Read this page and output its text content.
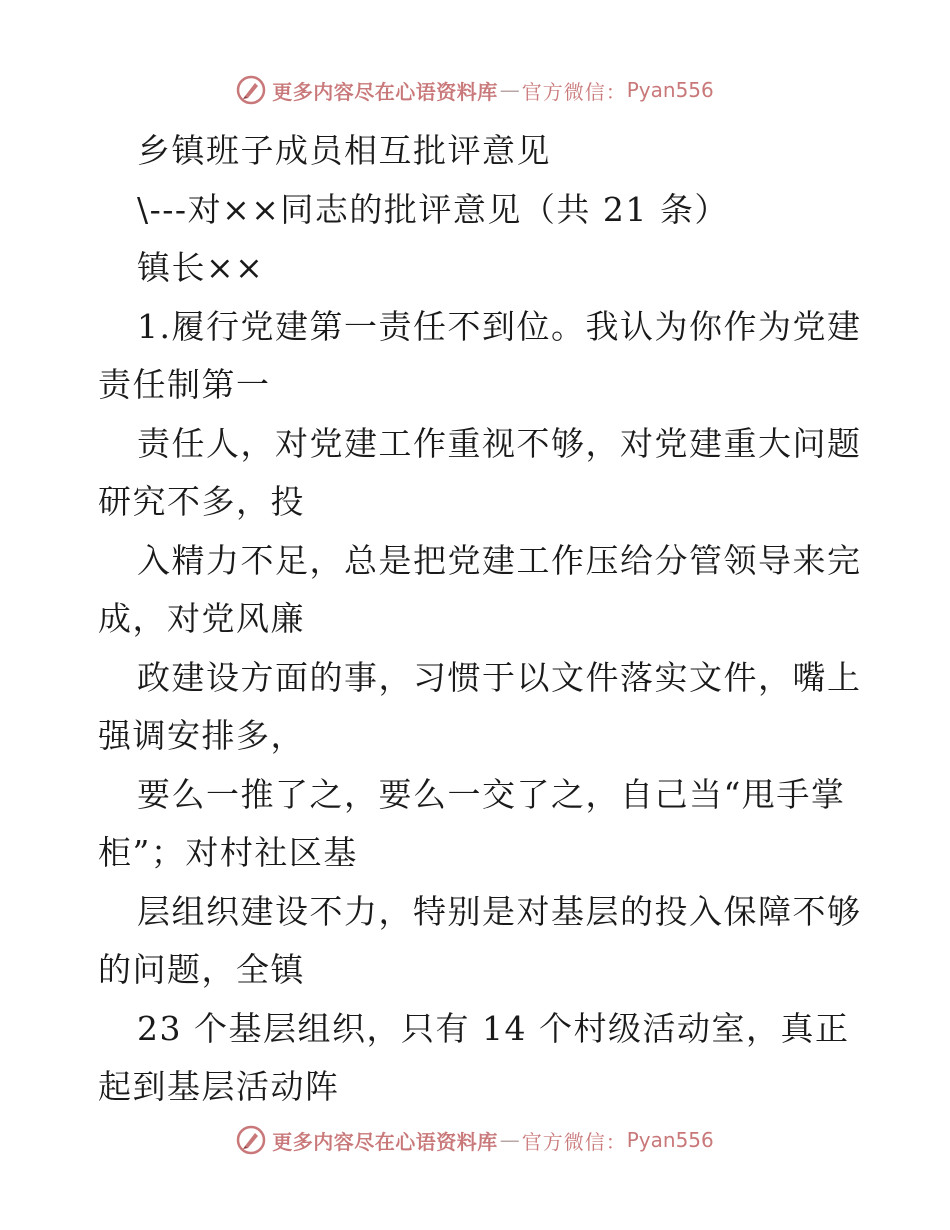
更多内容尽在心语资料库 — 官方微信： Pyan556
乡镇班子成员相互批评意见
\---对××同志的批评意见（共 21 条）
镇长××
1.履行党建第一责任不到位。我认为你作为党建
责任制第一
责任人，对党建工作重视不够，对党建重大问题
研究不多，投
入精力不足，总是把党建工作压给分管领导来完
成，对党风廉
政建设方面的事，习惯于以文件落实文件，嘴上
强调安排多，
要么一推了之，要么一交了之，自己当“甩手掌
柜”；对村社区基
层组织建设不力，特别是对基层的投入保障不够
的问题，全镇
23 个基层组织，只有 14 个村级活动室，真正
起到基层活动阵
更多内容尽在心语资料库 — 官方微信： Pyan556
